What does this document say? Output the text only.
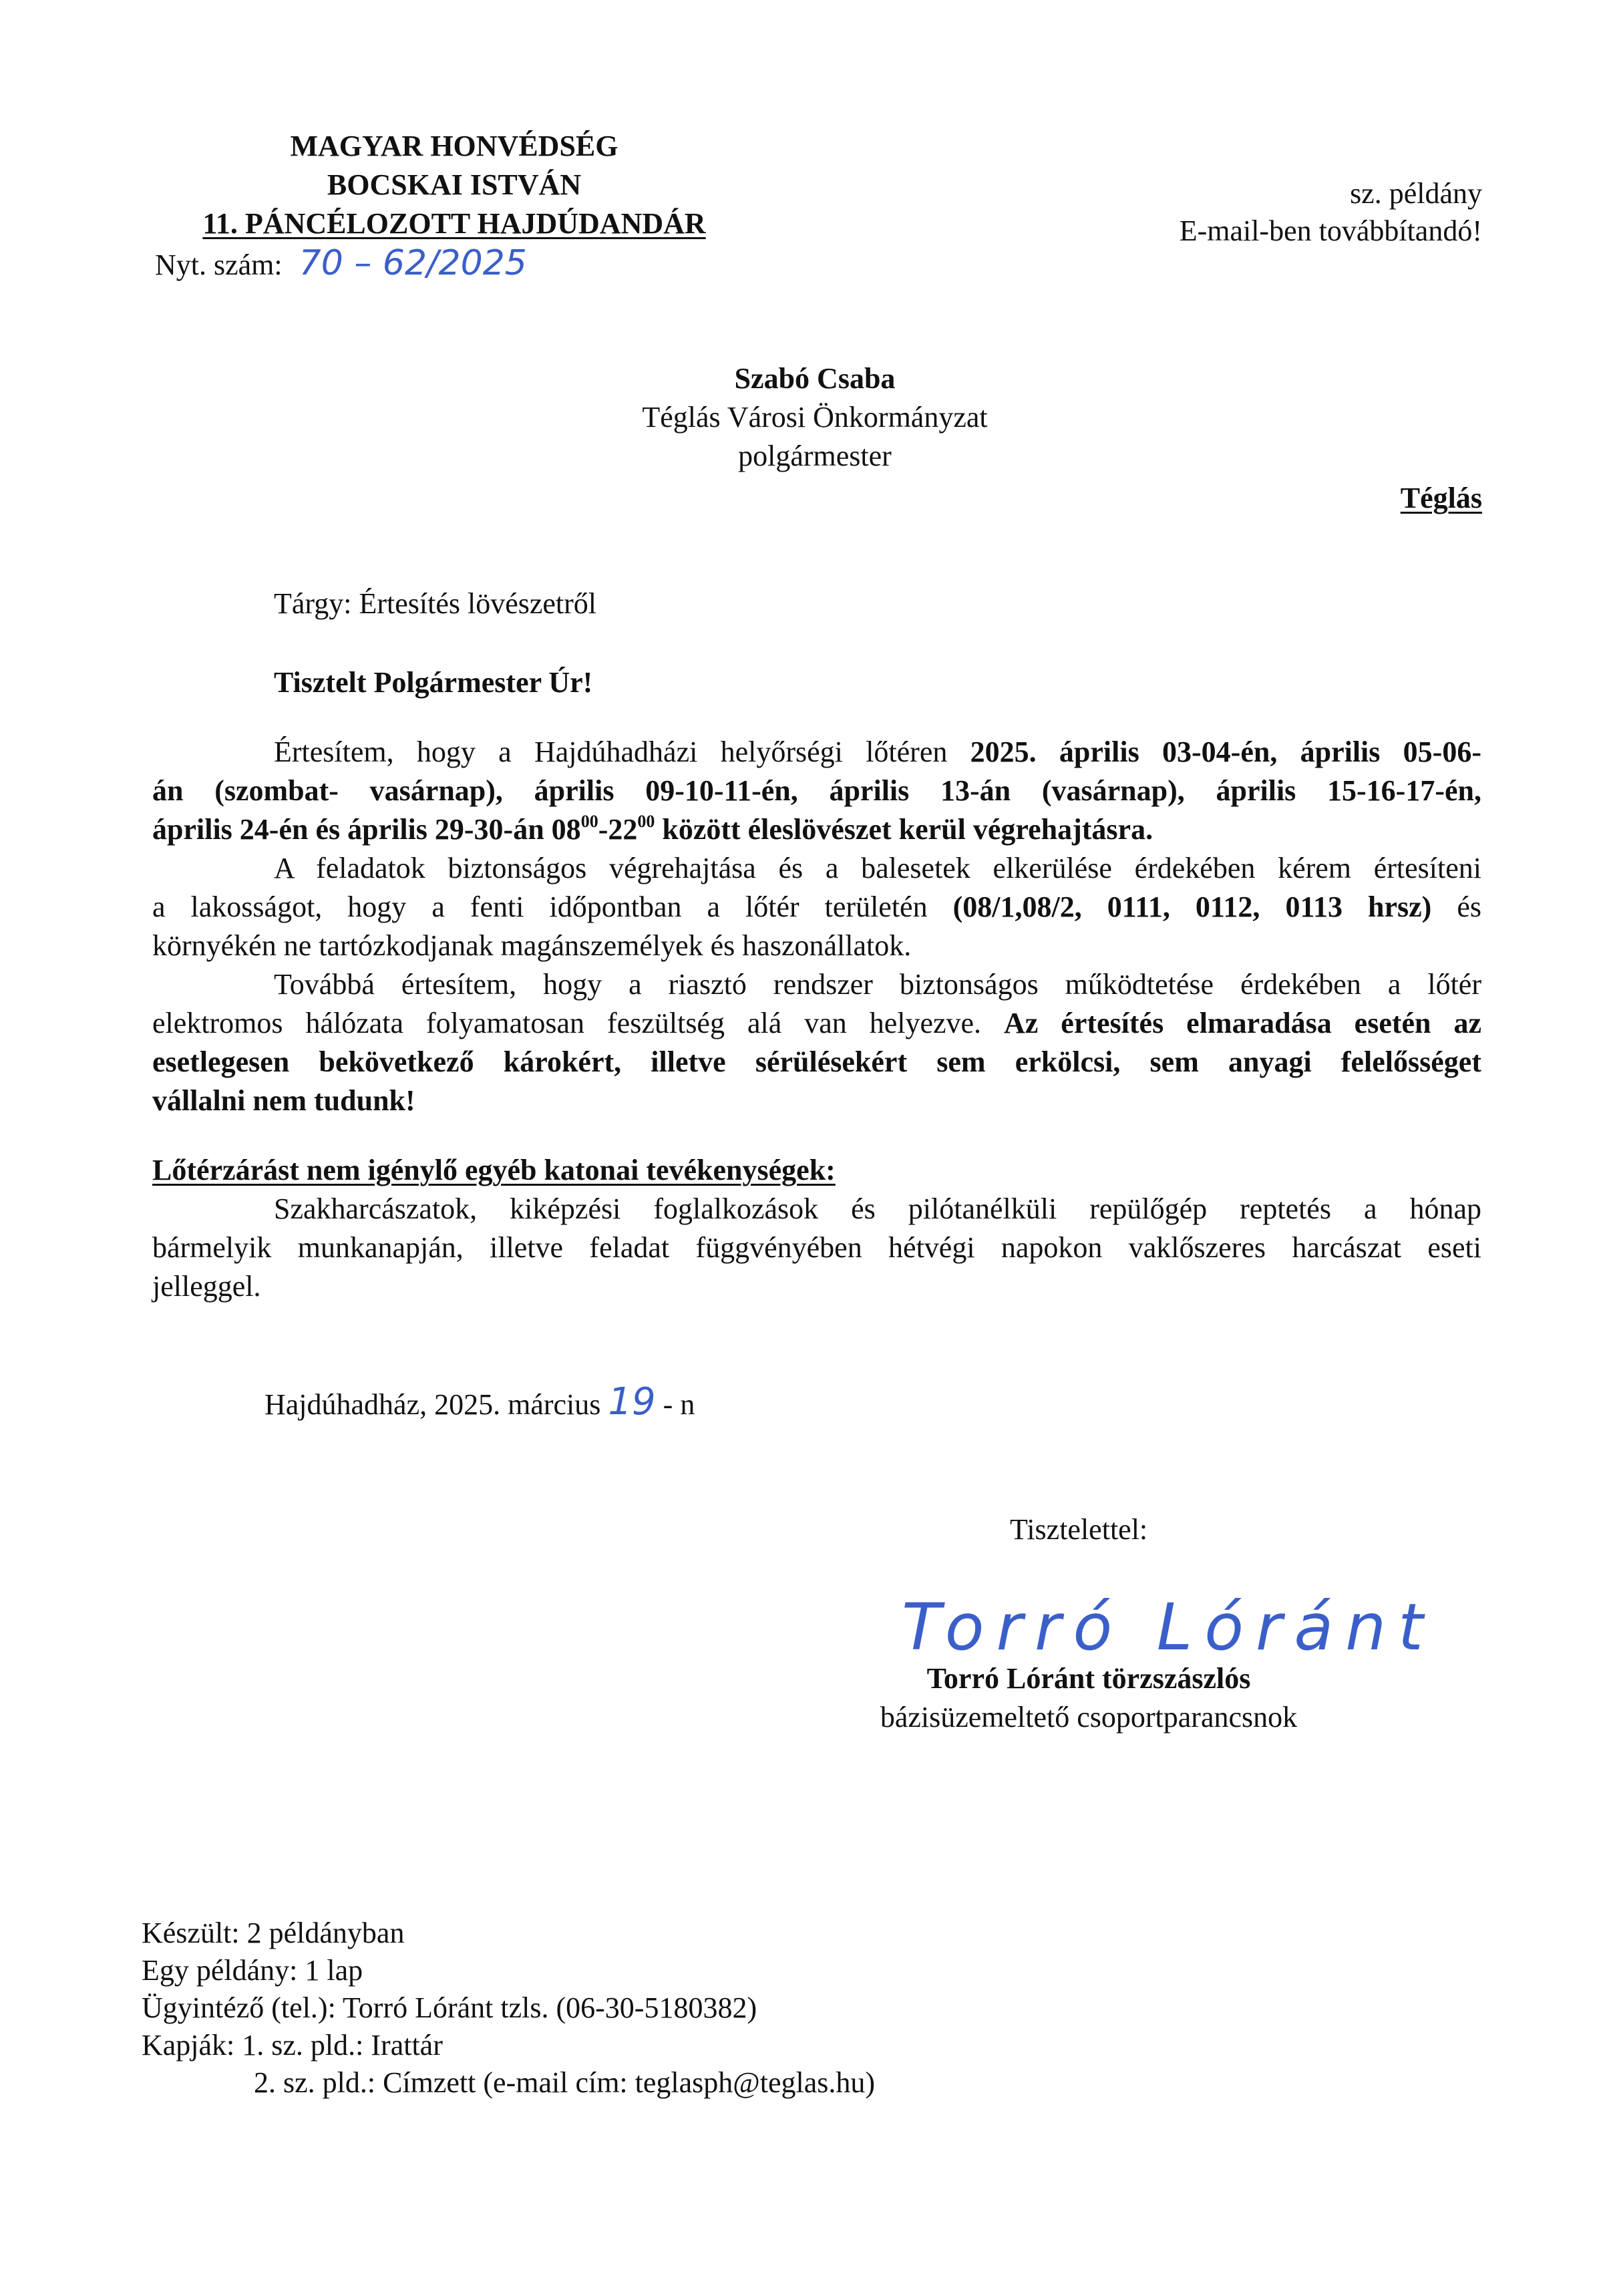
MAGYAR HONVÉDSÉG
BOCSKAI ISTVÁN
11. PÁNCÉLOZOTT HAJDÚDANDÁR
Nyt. szám: 70 – 62/2025
sz. példány
E-mail-ben továbbítandó!
Szabó Csaba
Téglás Városi Önkormányzat
polgármester
Téglás
Tárgy: Értesítés lövészetről
Tisztelt Polgármester Úr!
Értesítem, hogy a Hajdúhadházi helyőrségi lőtéren 2025. április 03-04-én, április 05-06-
án (szombat- vasárnap), április 09-10-11-én, április 13-án (vasárnap), április 15-16-17-én,
április 24-én és április 29-30-án $08^{00}-22^{00}$ között éleslövészet kerül végrehajtásra.
A feladatok biztonságos végrehajtása és a balesetek elkerülése érdekében kérem értesíteni
a lakosságot, hogy a fenti időpontban a lőtér területén (08/1,08/2, 0111, 0112, 0113 hrsz) és
környékén ne tartózkodjanak magánszemélyek és haszonállatok.
Továbbá értesítem, hogy a riasztó rendszer biztonságos működtetése érdekében a lőtér
elektromos hálózata folyamatosan feszültség alá van helyezve. Az értesítés elmaradása esetén az
esetlegesen bekövetkező károkért, illetve sérülésekért sem erkölcsi, sem anyagi felelősséget
vállalni nem tudunk!
Lőtérzárást nem igénylő egyéb katonai tevékenységek:
Szakharcászatok, kiképzési foglalkozások és pilótanélküli repülőgép reptetés a hónap
bármelyik munkanapján, illetve feladat függvényében hétvégi napokon vaklőszeres harcászat eseti
jelleggel.
Hajdúhadház, 2025. március 19 - n
Tisztelettel:
Torró Lóránt
Torró Lóránt törzszászlós
bázisüzemeltető csoportparancsnok
Készült: 2 példányban
Egy példány: 1 lap
Ügyintéző (tel.): Torró Lóránt tzls. (06-30-5180382)
Kapják: 1. sz. pld.: Irattár
2. sz. pld.: Címzett (e-mail cím: teglasph@teglas.hu)
